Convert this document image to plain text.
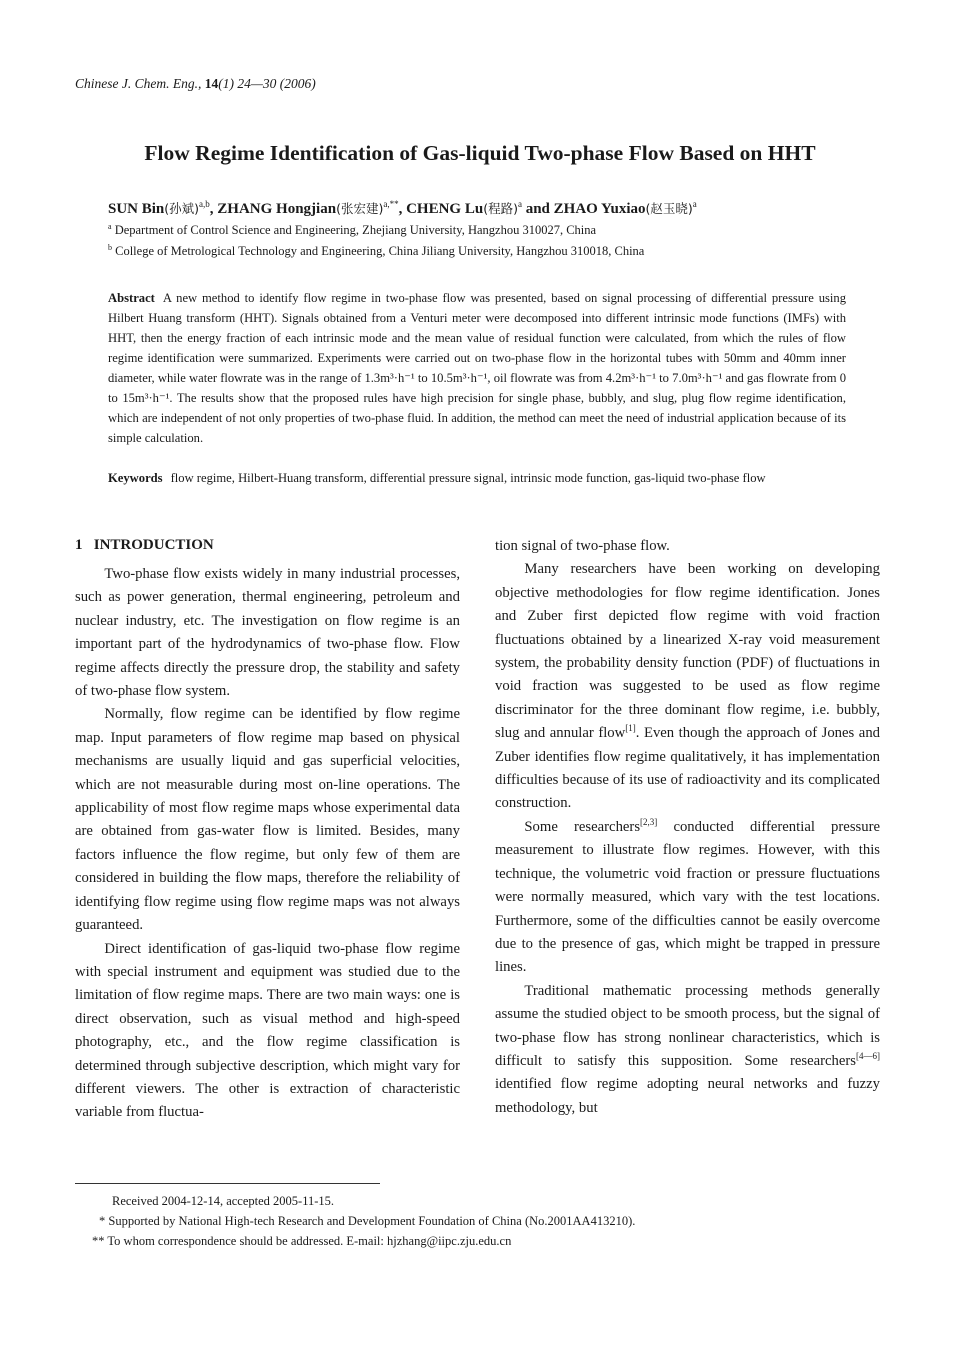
Chinese J. Chem. Eng., 14(1) 24—30 (2006)
Flow Regime Identification of Gas-liquid Two-phase Flow Based on HHT
SUN Bin(孙斌)$^{a,b}$, ZHANG Hongjian(张宏建)$^{a,**}$, CHENG Lu(程路)$^a$ and ZHAO Yuxiao(赵玉晓)$^a$
$^a$ Department of Control Science and Engineering, Zhejiang University, Hangzhou 310027, China
$^b$ College of Metrological Technology and Engineering, China Jiliang University, Hangzhou 310018, China
Abstract A new method to identify flow regime in two-phase flow was presented, based on signal processing of differential pressure using Hilbert Huang transform (HHT). Signals obtained from a Venturi meter were decomposed into different intrinsic mode functions (IMFs) with HHT, then the energy fraction of each intrinsic mode and the mean value of residual function were calculated, from which the rules of flow regime identification were summarized. Experiments were carried out on two-phase flow in the horizontal tubes with 50mm and 40mm inner diameter, while water flowrate was in the range of 1.3m³·h⁻¹ to 10.5m³·h⁻¹, oil flowrate was from 4.2m³·h⁻¹ to 7.0m³·h⁻¹ and gas flowrate from 0 to 15m³·h⁻¹. The results show that the proposed rules have high precision for single phase, bubbly, and slug, plug flow regime identification, which are independent of not only properties of two-phase fluid. In addition, the method can meet the need of industrial application because of its simple calculation.
Keywords flow regime, Hilbert-Huang transform, differential pressure signal, intrinsic mode function, gas-liquid two-phase flow
1 INTRODUCTION

Two-phase flow exists widely in many industrial processes, such as power generation, thermal engineering, petroleum and nuclear industry, etc. The investigation on flow regime is an important part of the hydrodynamics of two-phase flow. Flow regime affects directly the pressure drop, the stability and safety of two-phase flow system.

Normally, flow regime can be identified by flow regime map. Input parameters of flow regime map based on physical mechanisms are usually liquid and gas superficial velocities, which are not measurable during most on-line operations. The applicability of most flow regime maps whose experimental data are obtained from gas-water flow is limited. Besides, many factors influence the flow regime, but only few of them are considered in building the flow maps, therefore the reliability of identifying flow regime using flow regime maps was not always guaranteed.

Direct identification of gas-liquid two-phase flow regime with special instrument and equipment was studied due to the limitation of flow regime maps. There are two main ways: one is direct observation, such as visual method and high-speed photography, etc., and the flow regime classification is determined through subjective description, which might vary for different viewers. The other is extraction of characteristic variable from fluctua-

tion signal of two-phase flow.

Many researchers have been working on developing objective methodologies for flow regime identification. Jones and Zuber first depicted flow regime with void fraction fluctuations obtained by a linearized X-ray void measurement system, the probability density function (PDF) of fluctuations in void fraction was suggested to be used as flow regime discriminator for the three dominant flow regime, i.e. bubbly, slug and annular flow[1]. Even though the approach of Jones and Zuber identifies flow regime qualitatively, it has implementation difficulties because of its use of radioactivity and its complicated construction.

Some researchers[2,3] conducted differential pressure measurement to illustrate flow regimes. However, with this technique, the volumetric void fraction or pressure fluctuations were normally measured, which vary with the test locations. Furthermore, some of the difficulties cannot be easily overcome due to the presence of gas, which might be trapped in pressure lines.

Traditional mathematic processing methods generally assume the studied object to be smooth process, but the signal of two-phase flow has strong nonlinear characteristics, which is difficult to satisfy this supposition. Some researchers[4—6] identified flow regime adopting neural networks and fuzzy methodology, but

Received 2004-12-14, accepted 2005-11-15.
* Supported by National High-tech Research and Development Foundation of China (No.2001AA413210).
** To whom correspondence should be addressed. E-mail: hjzhang@iipc.zju.edu.cn
